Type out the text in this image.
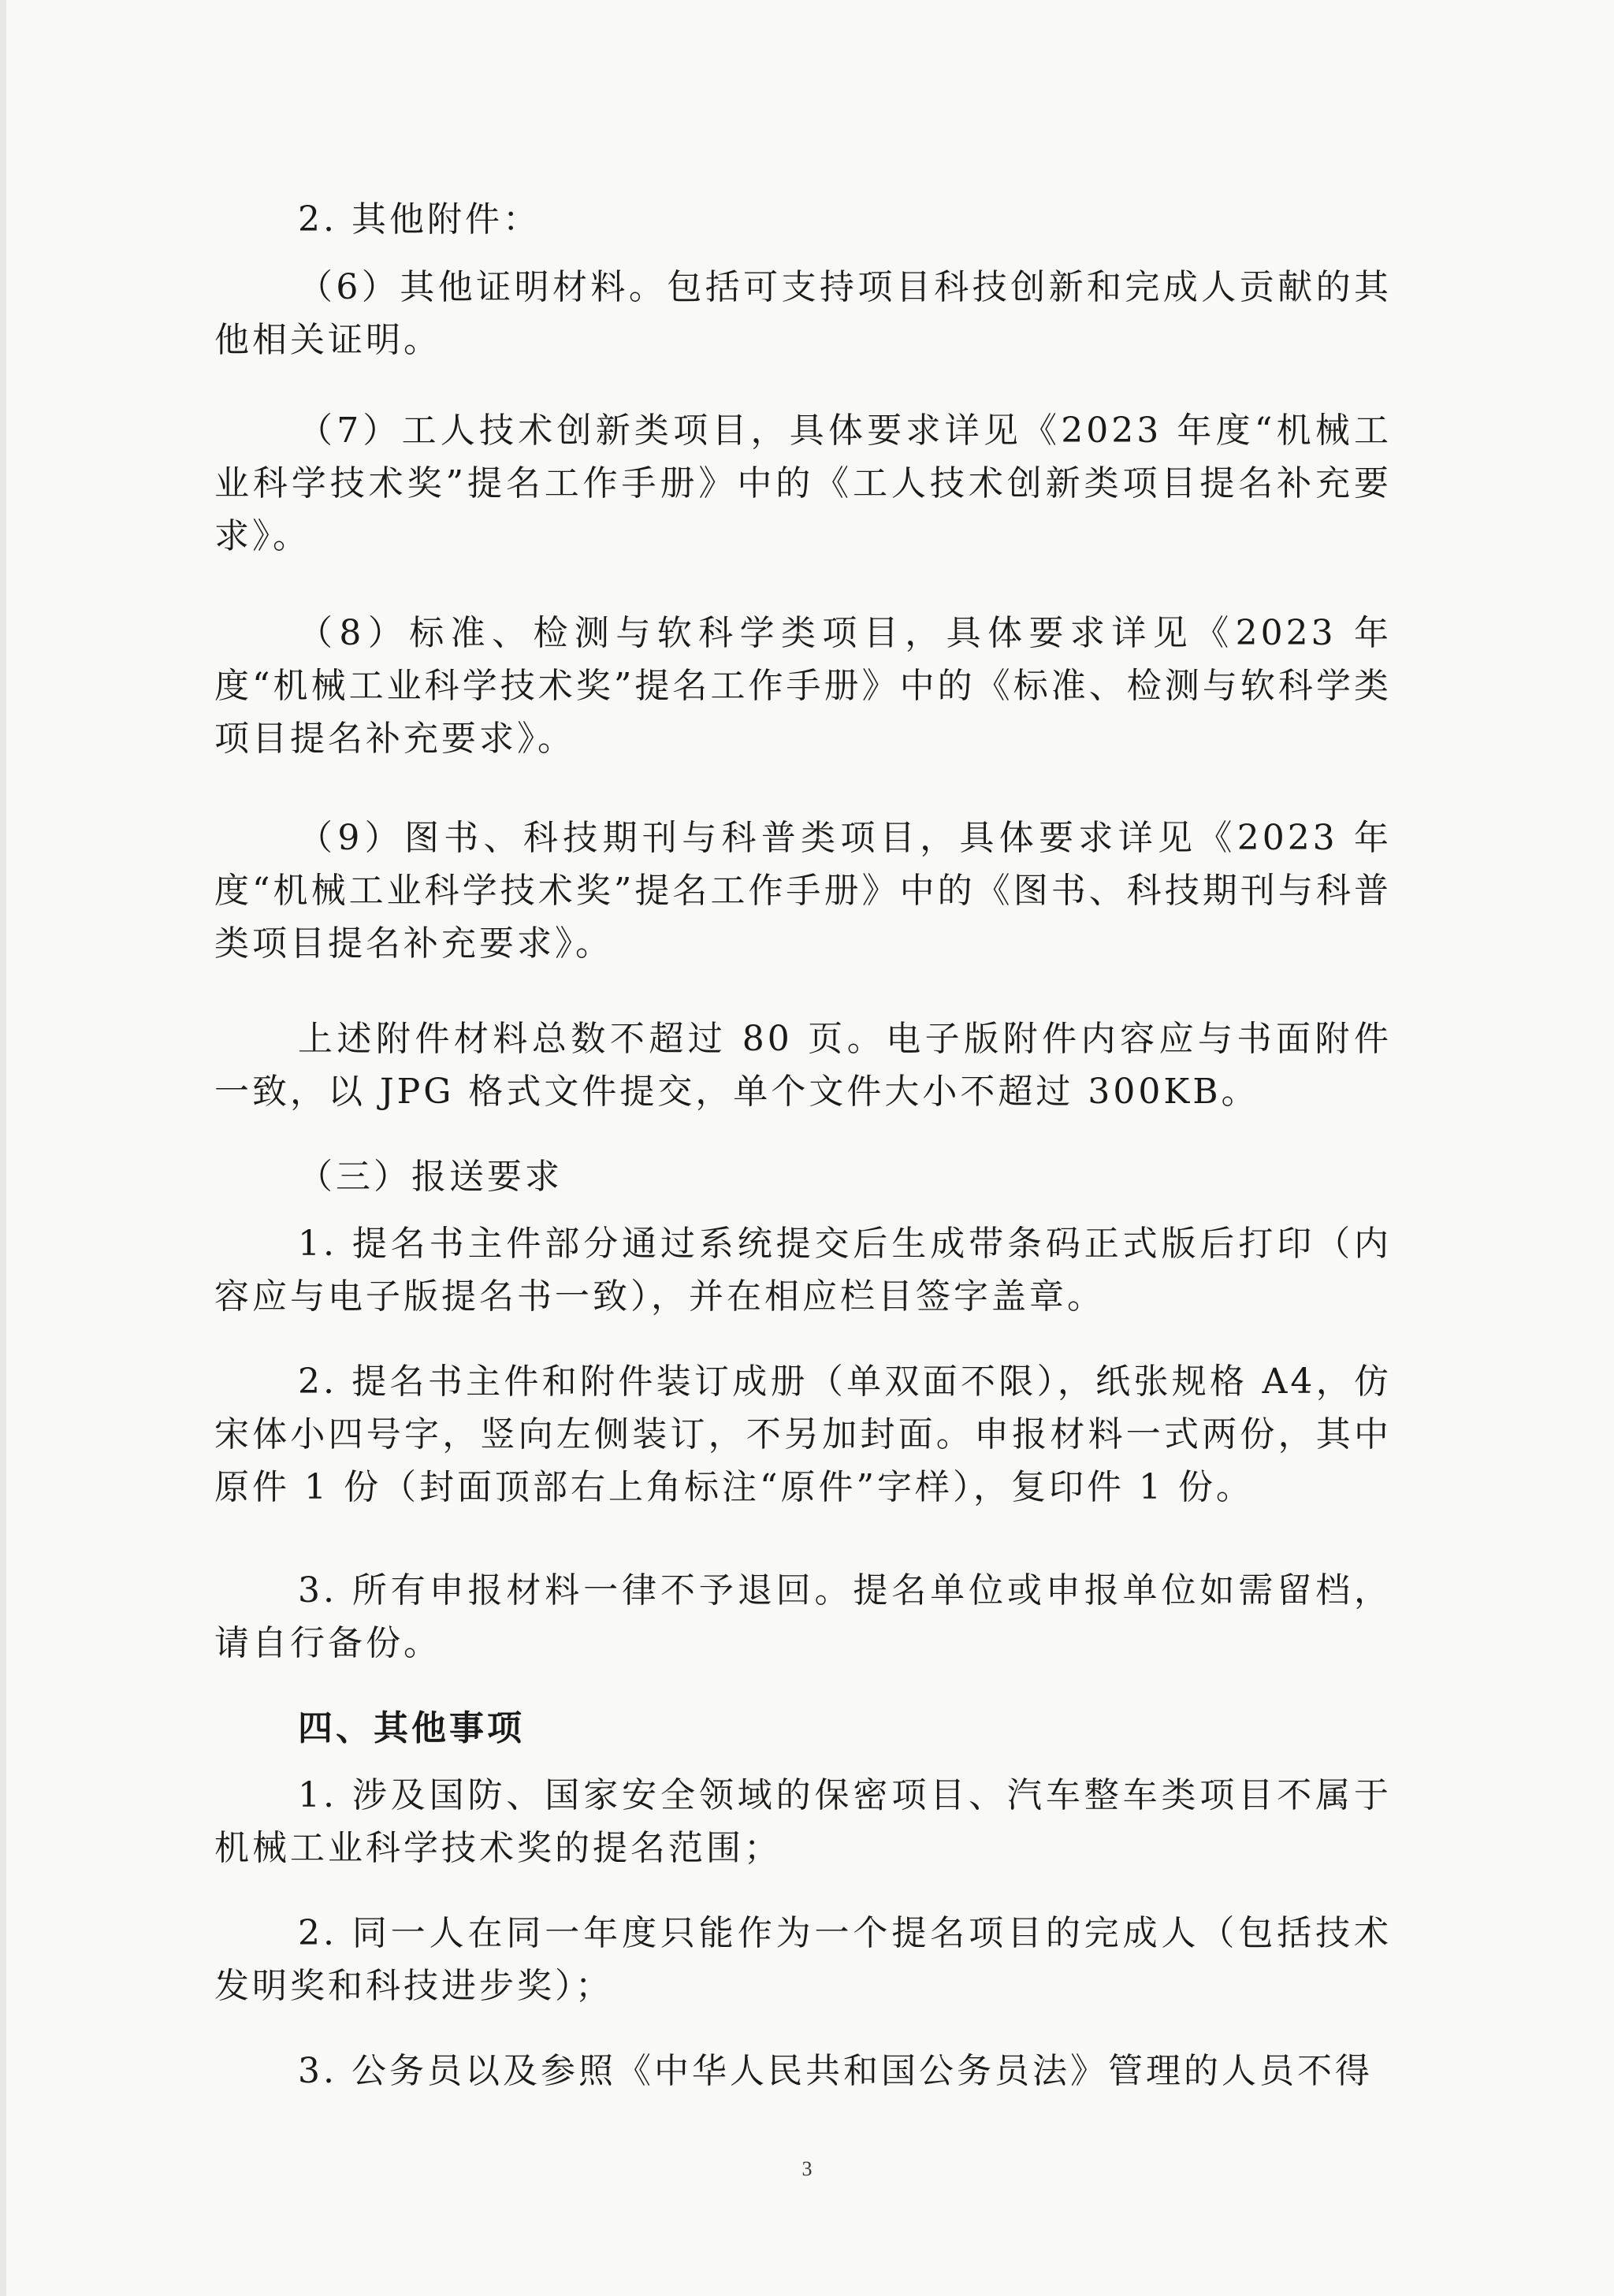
2. 其他附件：

（6）其他证明材料。包括可支持项目科技创新和完成人贡献的其他相关证明。

（7）工人技术创新类项目，具体要求详见《2023 年度“机械工业科学技术奖”提名工作手册》中的《工人技术创新类项目提名补充要求》。

（8）标准、检测与软科学类项目，具体要求详见《2023 年度“机械工业科学技术奖”提名工作手册》中的《标准、检测与软科学类项目提名补充要求》。

（9）图书、科技期刊与科普类项目，具体要求详见《2023 年度“机械工业科学技术奖”提名工作手册》中的《图书、科技期刊与科普类项目提名补充要求》。

上述附件材料总数不超过 80 页。电子版附件内容应与书面附件一致，以 JPG 格式文件提交，单个文件大小不超过 300KB。

（三）报送要求

1. 提名书主件部分通过系统提交后生成带条码正式版后打印（内容应与电子版提名书一致），并在相应栏目签字盖章。

2. 提名书主件和附件装订成册（单双面不限），纸张规格 A4，仿宋体小四号字，竖向左侧装订，不另加封面。申报材料一式两份，其中原件 1 份（封面顶部右上角标注“原件”字样），复印件 1 份。

3. 所有申报材料一律不予退回。提名单位或申报单位如需留档，请自行备份。

四、其他事项

1. 涉及国防、国家安全领域的保密项目、汽车整车类项目不属于机械工业科学技术奖的提名范围；

2. 同一人在同一年度只能作为一个提名项目的完成人（包括技术发明奖和科技进步奖）；

3. 公务员以及参照《中华人民共和国公务员法》管理的人员不得

3
